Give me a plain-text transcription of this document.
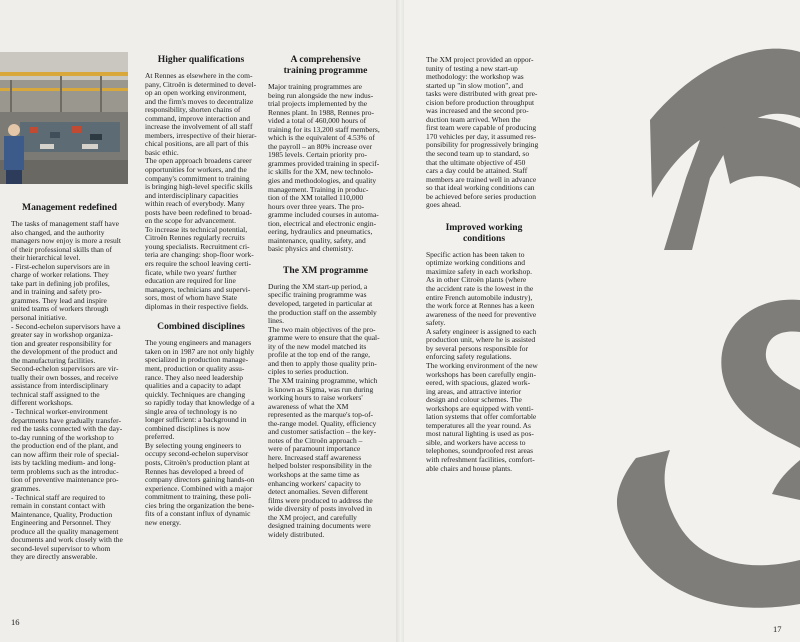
Management redefined

The tasks of management staff have
also changed, and the authority
managers now enjoy is more a result
of their professional skills than of
their hierarchical level.
- First-echelon supervisors are in
charge of worker relations. They
take part in defining job profiles,
and in training and safety pro-
grammes. They lead and inspire
united teams of workers through
personal initiative.
- Second-echelon supervisors have a
greater say in workshop organiza-
tion and greater responsibility for
the development of the product and
the manufacturing facilities.
Second-echelon supervisors are vir-
tually their own bosses, and receive
assistance from interdisciplinary
technical staff assigned to the
different workshops.
- Technical worker-environment
departments have gradually transfer-
red the tasks connected with the day-
to-day running of the workshop to
the production end of the plant, and
can now affirm their role of special-
ists by tackling medium- and long-
term problems such as the introduc-
tion of preventive maintenance pro-
grammes.
- Technical staff are required to
remain in constant contact with
Maintenance, Quality, Production
Engineering and Personnel. They
produce all the quality management
documents and work closely with the
second-level supervisor to whom
they are directly answerable.

Higher qualifications

At Rennes as elsewhere in the com-
pany, Citroën is determined to devel-
op an open working environment,
and the firm's moves to decentralize
responsibility, shorten chains of
command, improve interaction and
increase the involvement of all staff
members, irrespective of their hierar-
chical positions, are all part of this
basic ethic.
The open approach broadens career
opportunities for workers, and the
company's commitment to training
is bringing high-level specific skills
and interdisciplinary capacities
within reach of everybody. Many
posts have been redefined to broad-
en the scope for advancement.
To increase its technical potential,
Citroën Rennes regularly recruits
young specialists. Recruitment cri-
teria are changing: shop-floor work-
ers require the school leaving certi-
ficate, while two years' further
education are required for line
managers, technicians and supervi-
sors, most of whom have State
diplomas in their respective fields.

Combined disciplines

The young engineers and managers
taken on in 1987 are not only highly
specialized in production manage-
ment, production or quality assu-
rance. They also need leadership
qualities and a capacity to adapt
quickly. Techniques are changing
so rapidly today that knowledge of a
single area of technology is no
longer sufficient: a background in
combined disciplines is now
preferred.
By selecting young engineers to
occupy second-echelon supervisor
posts, Citroën's production plant at
Rennes has developed a breed of
company directors gaining hands-on
experience. Combined with a major
commitment to training, these poli-
cies bring the organization the bene-
fits of a constant influx of dynamic
new energy.

A comprehensive
training programme

Major training programmes are
being run alongside the new indus-
trial projects implemented by the
Rennes plant. In 1988, Rennes pro-
vided a total of 460,000 hours of
training for its 13,200 staff members,
which is the equivalent of 4.53% of
the payroll – an 80% increase over
1985 levels. Certain priority pro-
grammes provided training in specif-
ic skills for the XM, new technolo-
gies and methodologies, and quality
management. Training in produc-
tion of the XM totalled 110,000
hours over three years. The pro-
gramme included courses in automa-
tion, electrical and electronic engin-
eering, hydraulics and pneumatics,
maintenance, quality, safety, and
basic physics and chemistry.

The XM programme

During the XM start-up period, a
specific training programme was
developed, targeted in particular at
the production staff on the assembly
lines.
The two main objectives of the pro-
gramme were to ensure that the qual-
ity of the new model matched its
profile at the top end of the range,
and then to apply those quality prin-
ciples to series production.
The XM training programme, which
is known as Sigma, was run during
working hours to raise workers'
awareness of what the XM
represented as the marque's top-of-
the-range model. Quality, efficiency
and customer satisfaction – the key-
notes of the Citroën approach –
were of paramount importance
here. Increased staff awareness
helped bolster responsibility in the
workshops at the same time as
enhancing workers' capacity to
detect anomalies. Seven different
films were produced to address the
wide diversity of posts involved in
the XM project, and carefully
designed training documents were
widely distributed.

16

The XM project provided an oppor-
tunity of testing a new start-up
methodology: the workshop was
started up "in slow motion", and
tasks were distributed with great pre-
cision before production throughput
was increased and the second pro-
duction team arrived. When the
first team were capable of producing
170 vehicles per day, it assumed res-
ponsibility for progressively bringing
the second team up to standard, so
that the ultimate objective of 450
cars a day could be attained. Staff
members are trained well in advance
so that ideal working conditions can
be achieved before series production
goes ahead.

Improved working
conditions

Specific action has been taken to
optimize working conditions and
maximize safety in each workshop.
As in other Citroën plants (where
the accident rate is the lowest in the
entire French automobile industry),
the work force at Rennes has a keen
awareness of the need for preventive
safety.
A safety engineer is assigned to each
production unit, where he is assisted
by several persons responsible for
enforcing safety regulations.
The working environment of the new
workshops has been carefully engin-
eered, with spacious, glazed work-
ing areas, and attractive interior
design and colour schemes. The
workshops are equipped with venti-
lation systems that offer comfortable
temperatures all the year round. As
most natural lighting is used as pos-
sible, and workers have access to
telephones, soundproofed rest areas
with refreshment facilities, comfort-
able chairs and house plants.

17
